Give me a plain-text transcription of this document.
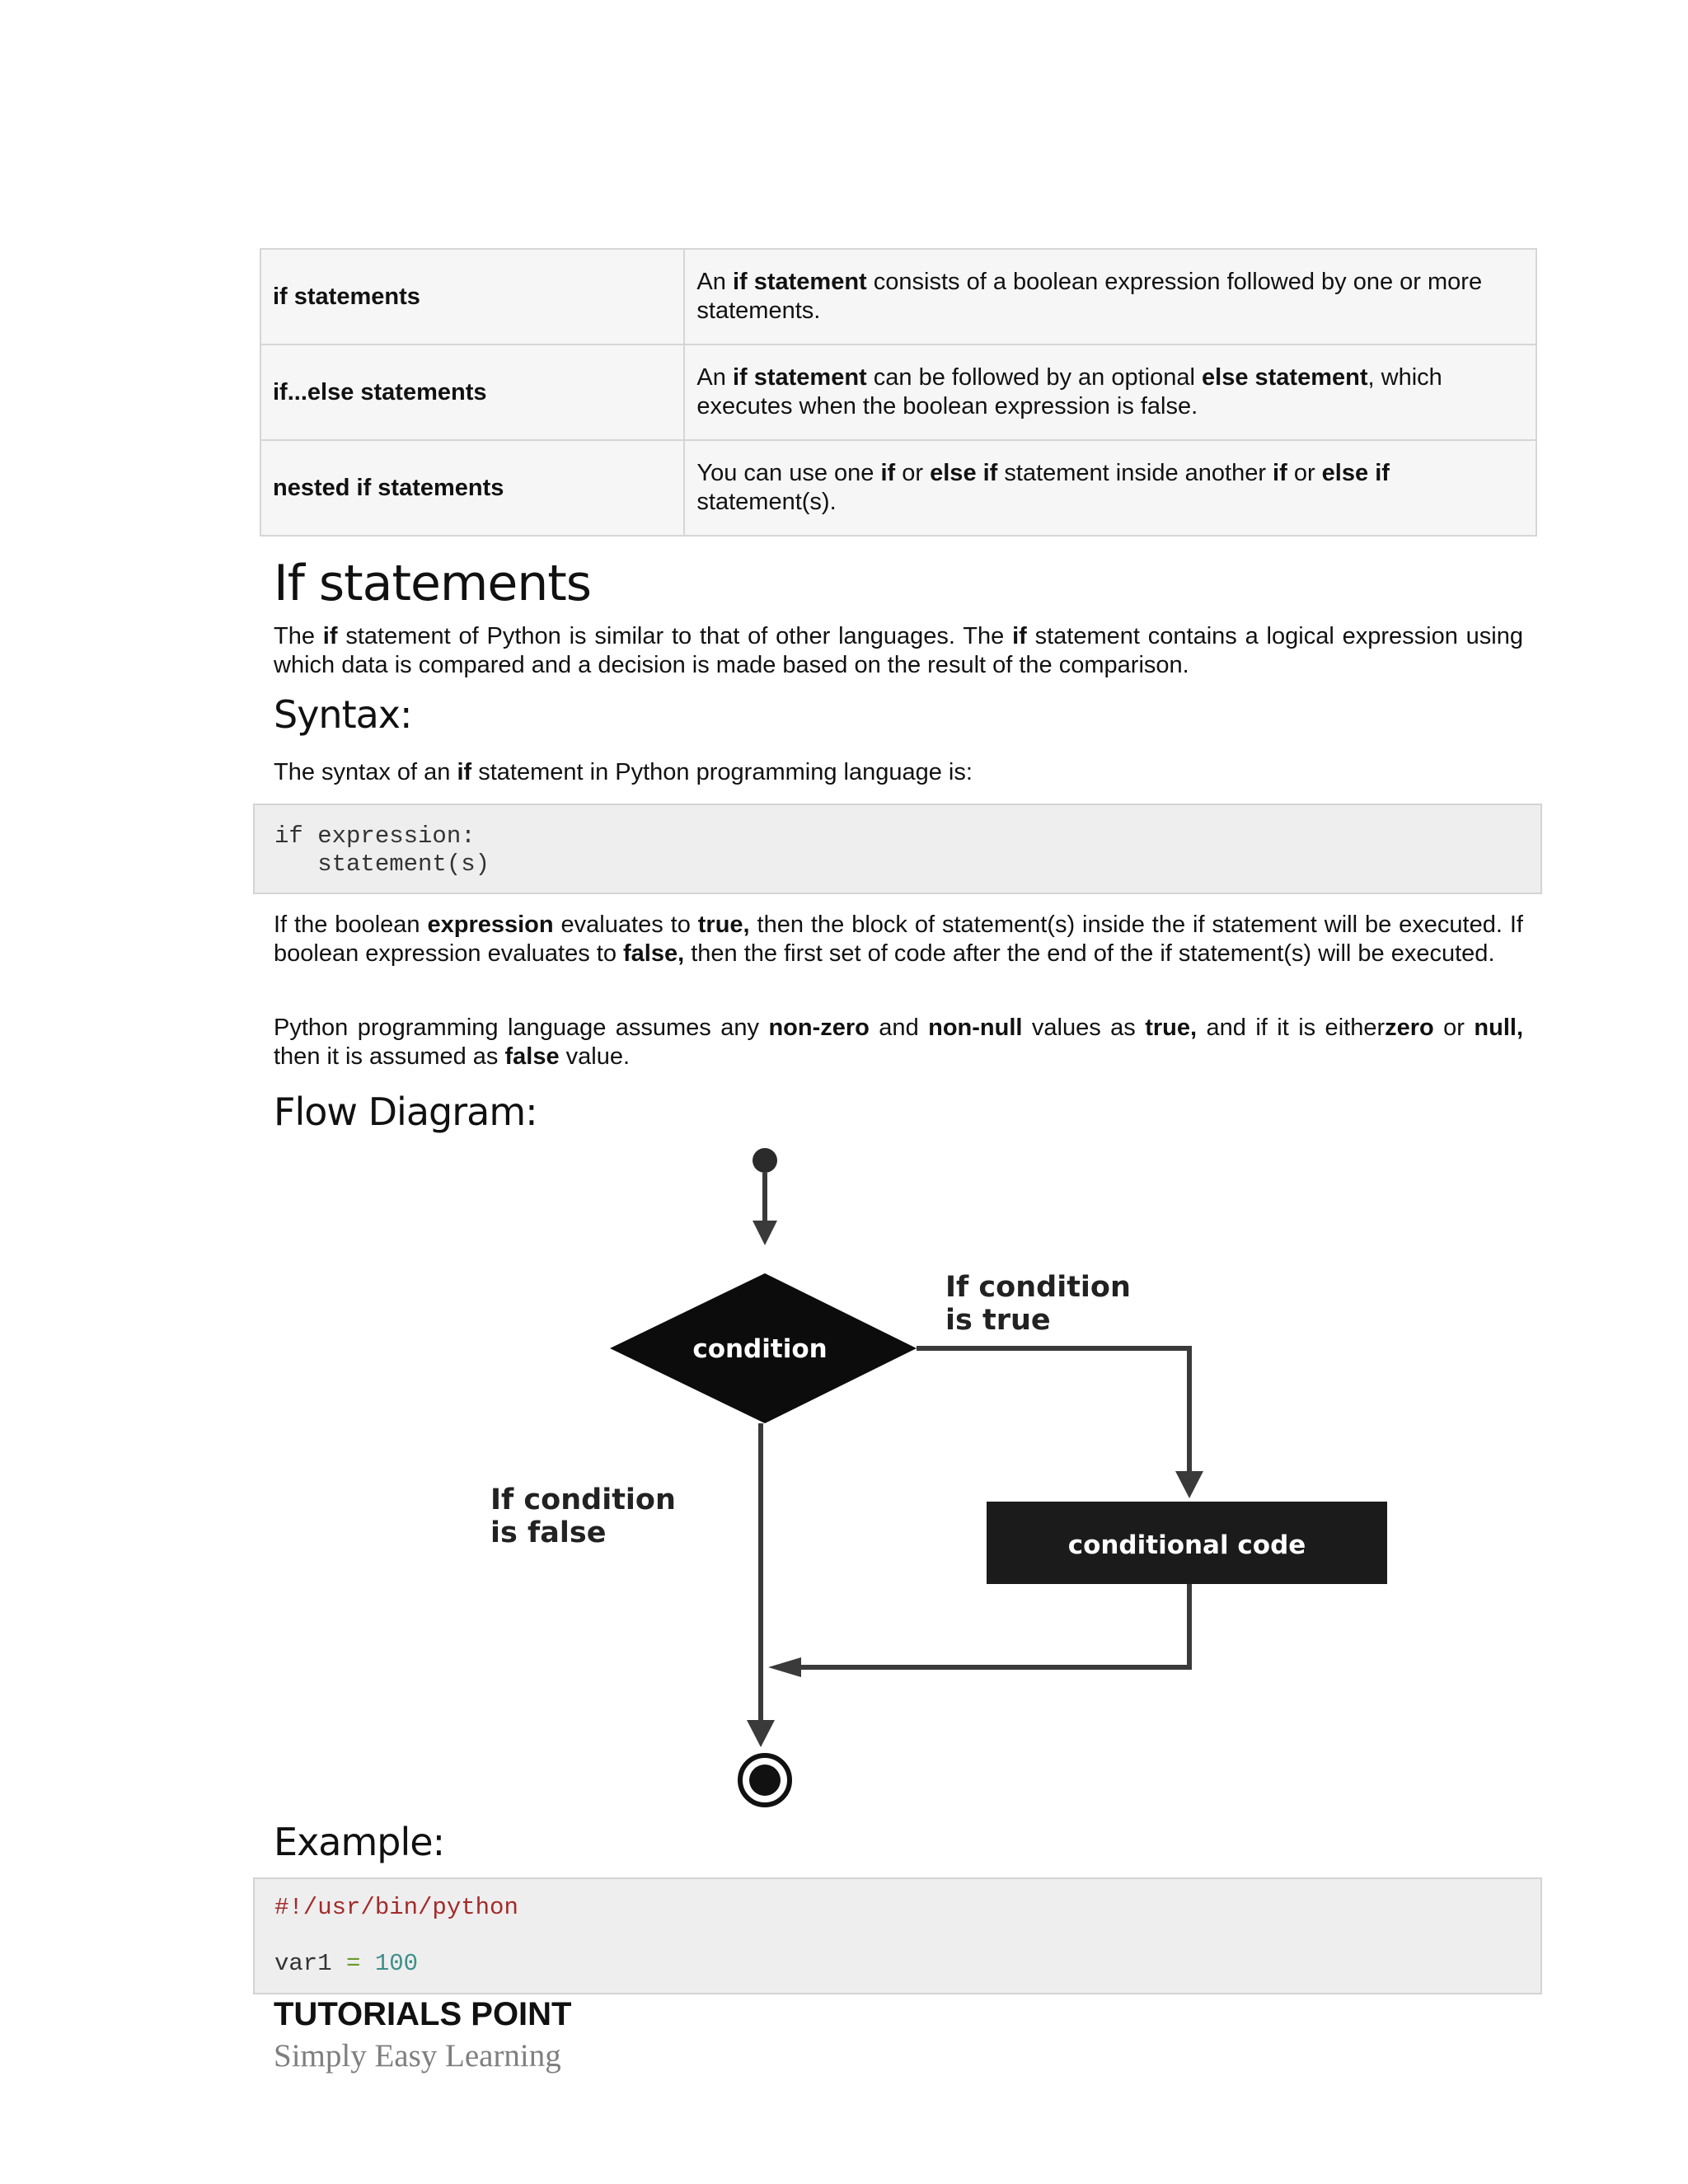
if statements	An if statement consists of a boolean expression followed by one or more statements.
if...else statements	An if statement can be followed by an optional else statement, which executes when the boolean expression is false.
nested if statements	You can use one if or else if statement inside another if or else if statement(s).
If statements
The if statement of Python is similar to that of other languages. The if statement contains a logical expression using which data is compared and a decision is made based on the result of the comparison.
Syntax:
The syntax of an if statement in Python programming language is:
if expression:
statement(s)
If the boolean expression evaluates to true, then the block of statement(s) inside the if statement will be executed. If boolean expression evaluates to false, then the first set of code after the end of the if statement(s) will be executed.
Python programming language assumes any non-zero and non-null values as true, and if it is eitherzero or null, then it is assumed as false value.
Flow Diagram:
condition
If condition
is true
conditional code
If condition
is false
Example:
#!/usr/bin/python
var1 = 100
TUTORIALS POINT
Simply Easy Learning
